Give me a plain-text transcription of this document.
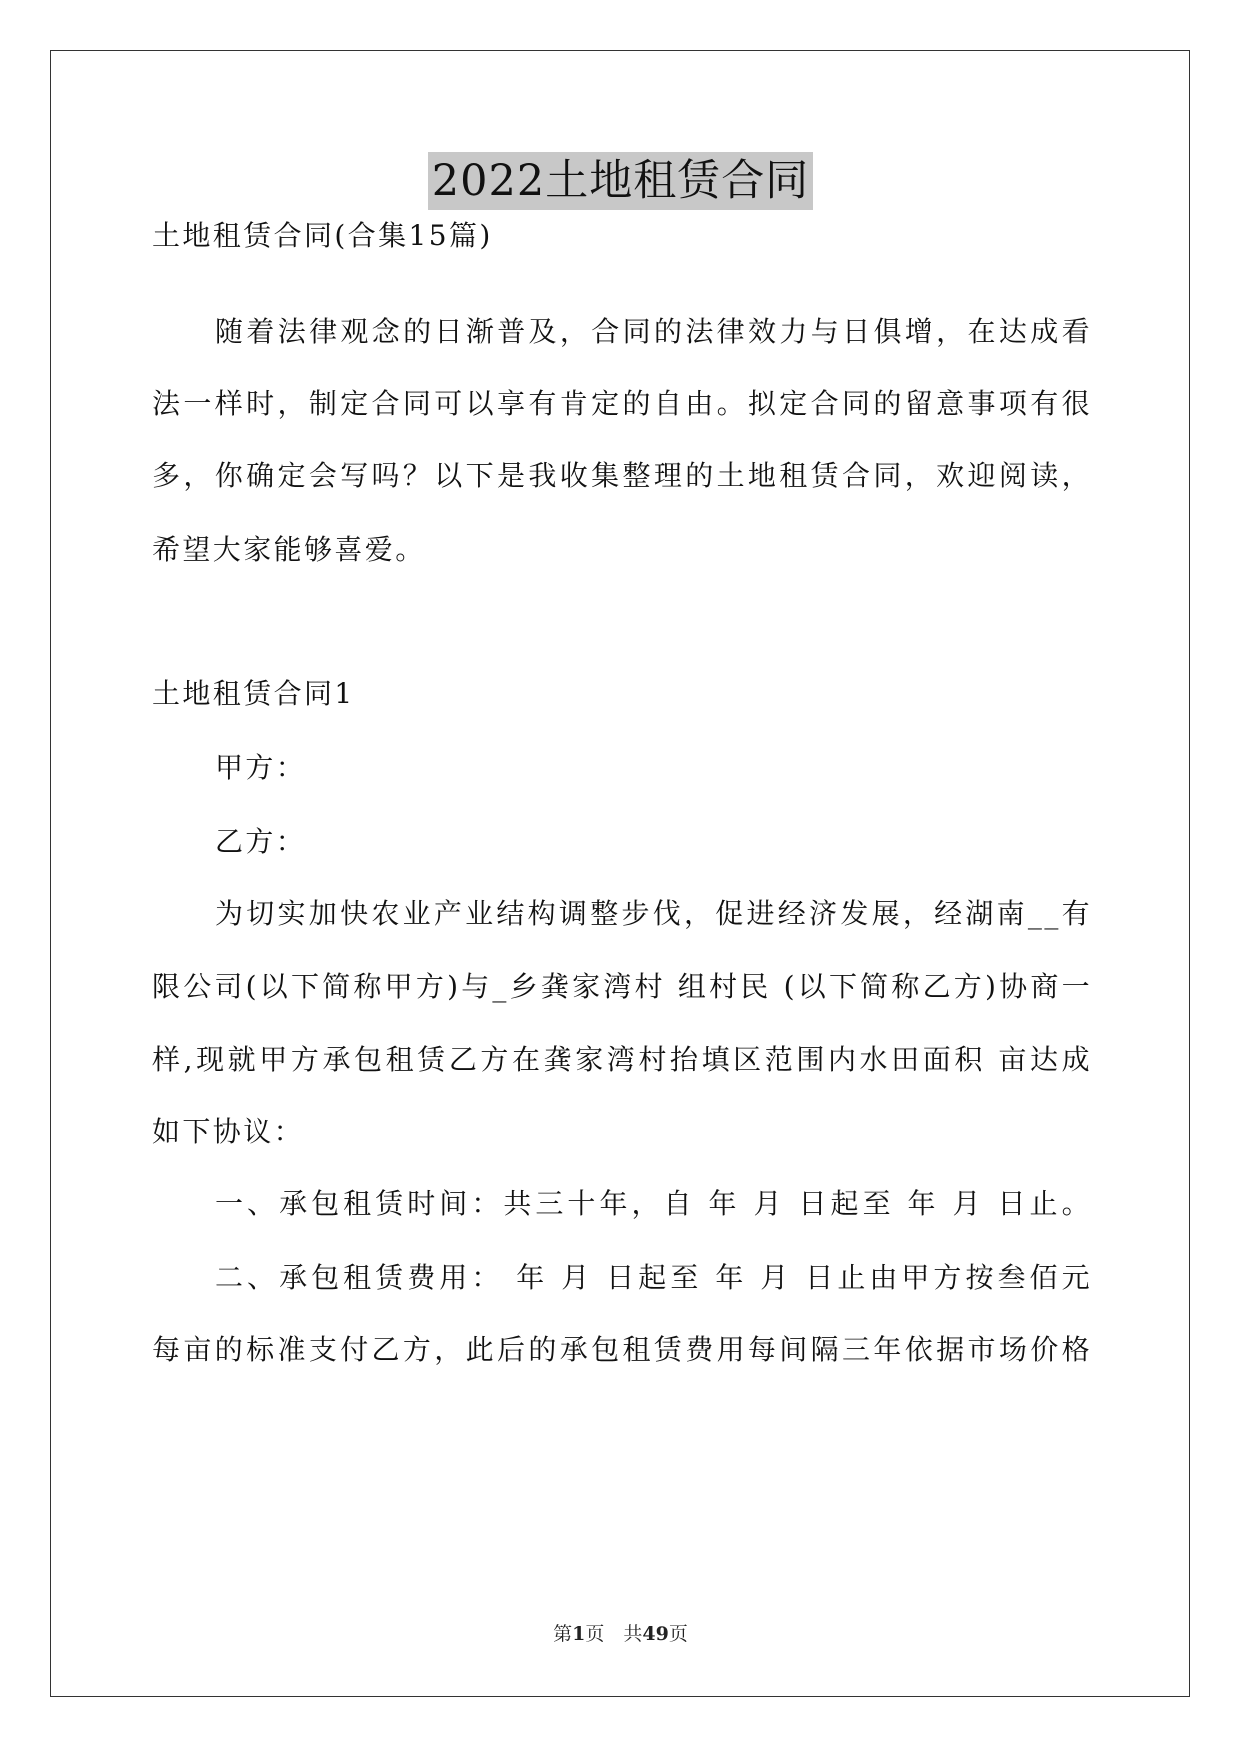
2022土地租赁合同
土地租赁合同(合集15篇)
随着法律观念的日渐普及，合同的法律效力与日俱增，在达成看
法一样时，制定合同可以享有肯定的自由。拟定合同的留意事项有很
多，你确定会写吗？以下是我收集整理的土地租赁合同，欢迎阅读，
希望大家能够喜爱。
土地租赁合同1
甲方：
乙方：
为切实加快农业产业结构调整步伐，促进经济发展，经湖南__有
限公司(以下简称甲方)与_乡龚家湾村 组村民 (以下简称乙方)协商一
样,现就甲方承包租赁乙方在龚家湾村抬填区范围内水田面积 亩达成
如下协议：
一、承包租赁时间：共三十年，自 年 月 日起至 年 月 日止。
二、承包租赁费用： 年 月 日起至 年 月 日止由甲方按叁佰元
每亩的标准支付乙方，此后的承包租赁费用每间隔三年依据市场价格
第1页　共49页
